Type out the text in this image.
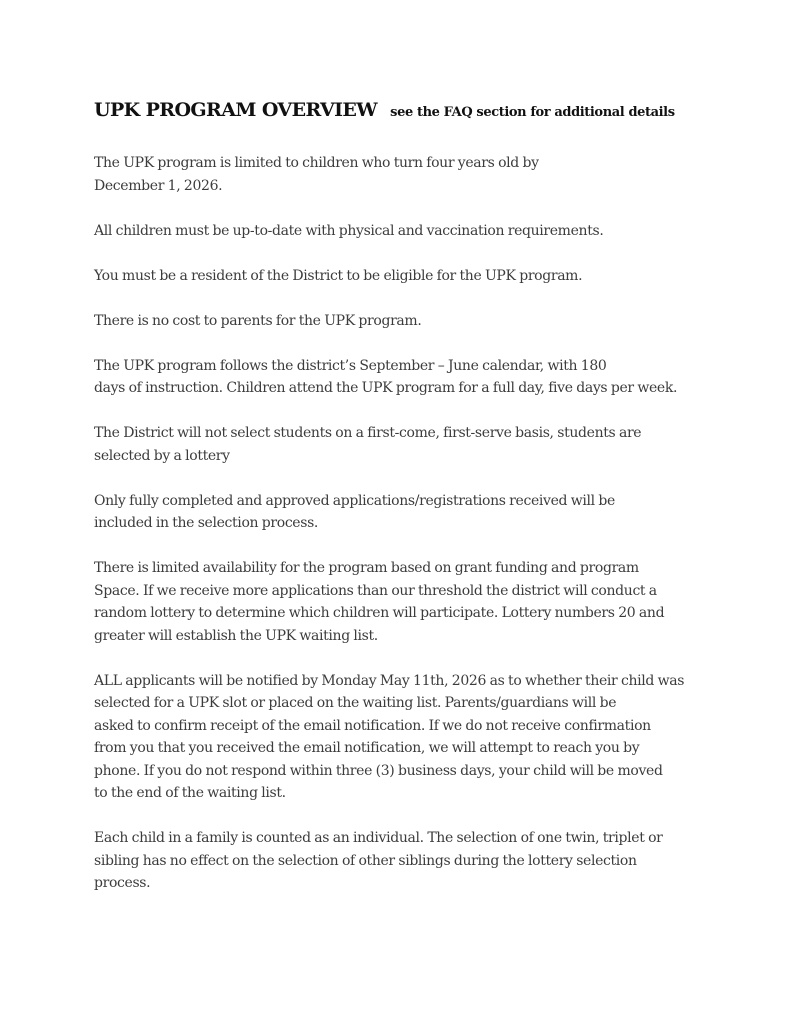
UPK PROGRAM OVERVIEW see the FAQ section for additional details

The UPK program is limited to children who turn four years old by
December 1, 2026.

All children must be up-to-date with physical and vaccination requirements.

You must be a resident of the District to be eligible for the UPK program.

There is no cost to parents for the UPK program.

The UPK program follows the district’s September – June calendar, with 180
days of instruction. Children attend the UPK program for a full day, five days per week.

The District will not select students on a first-come, first-serve basis, students are
selected by a lottery

Only fully completed and approved applications/registrations received will be
included in the selection process.

There is limited availability for the program based on grant funding and program
Space. If we receive more applications than our threshold the district will conduct a
random lottery to determine which children will participate. Lottery numbers 20 and
greater will establish the UPK waiting list.

ALL applicants will be notified by Monday May 11th, 2026 as to whether their child was
selected for a UPK slot or placed on the waiting list. Parents/guardians will be
asked to confirm receipt of the email notification. If we do not receive confirmation
from you that you received the email notification, we will attempt to reach you by
phone. If you do not respond within three (3) business days, your child will be moved
to the end of the waiting list.

Each child in a family is counted as an individual. The selection of one twin, triplet or
sibling has no effect on the selection of other siblings during the lottery selection
process.
